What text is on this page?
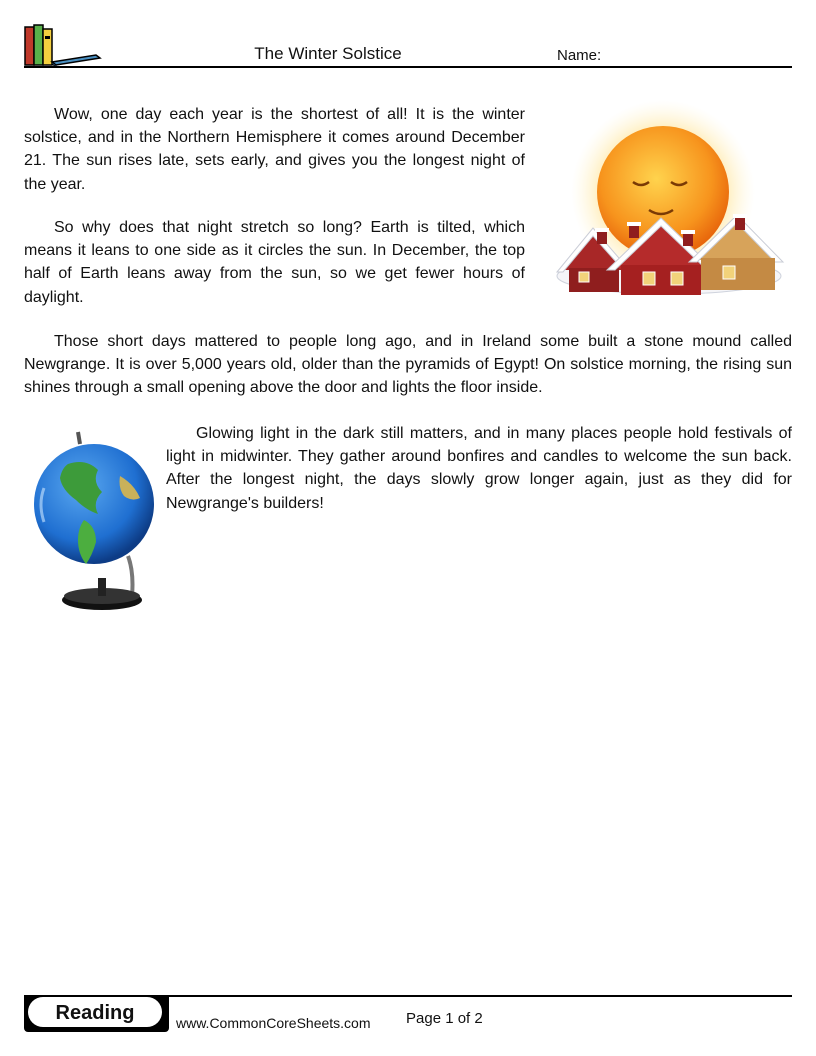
The Winter Solstice	Name:

Wow, one day each year is the shortest of all! It is the winter solstice, and in the Northern Hemisphere it comes around December 21. The sun rises late, sets early, and gives you the longest night of the year.

So why does that night stretch so long? Earth is tilted, which means it leans to one side as it circles the sun. In December, the top half of Earth leans away from the sun, so we get fewer hours of daylight.

Those short days mattered to people long ago, and in Ireland some built a stone mound called Newgrange. It is over 5,000 years old, older than the pyramids of Egypt! On solstice morning, the rising sun shines through a small opening above the door and lights the floor inside.

Glowing light in the dark still matters, and in many places people hold festivals of light in midwinter. They gather around bonfires and candles to welcome the sun back. After the longest night, the days slowly grow longer again, just as they did for Newgrange's builders!

Reading	www.CommonCoreSheets.com Page 1 of 2
